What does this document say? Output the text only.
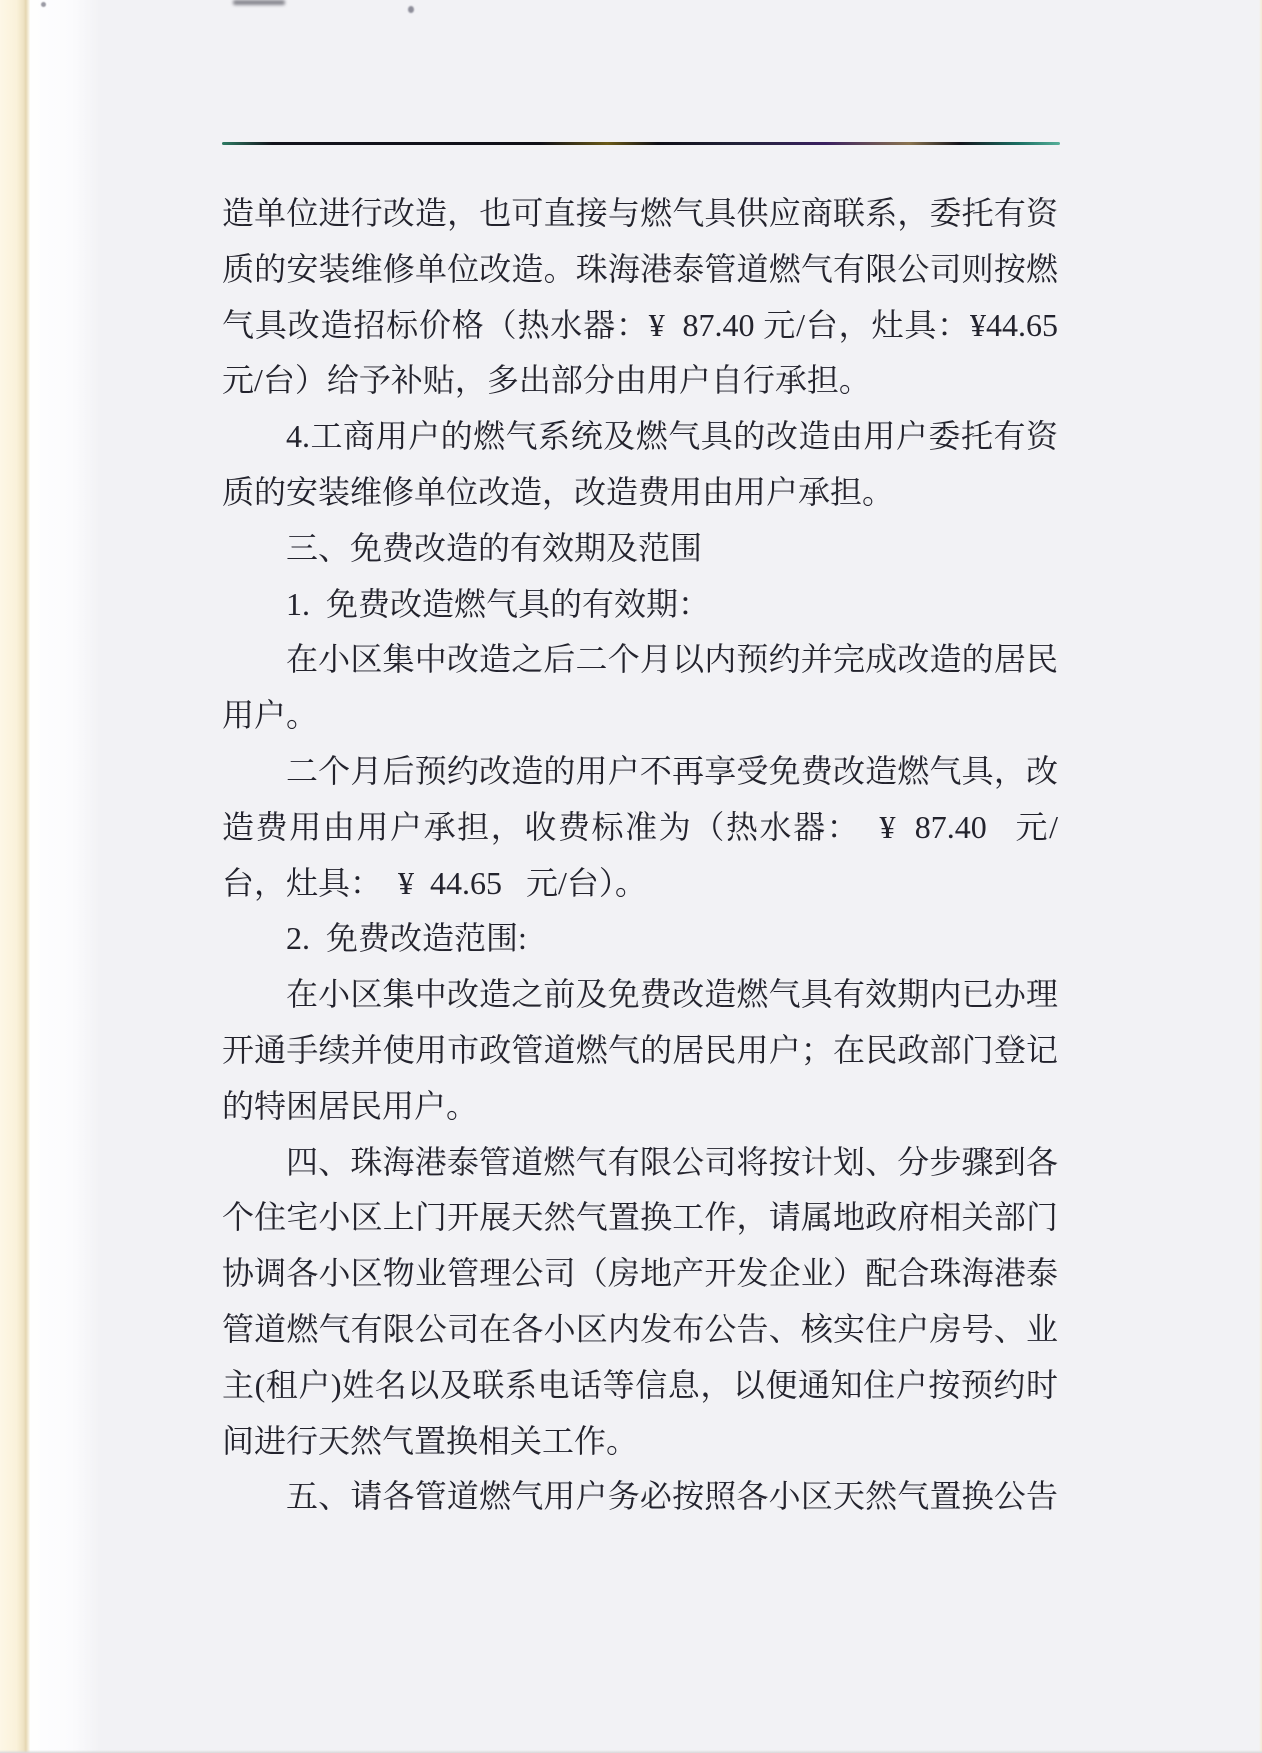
造单位进行改造，也可直接与燃气具供应商联系，委托有资
质的安装维修单位改造。珠海港泰管道燃气有限公司则按燃
气具改造招标价格（热水器：¥  87.40 元/台，灶具：¥44.65
元/台）给予补贴，多出部分由用户自行承担。
4.工商用户的燃气系统及燃气具的改造由用户委托有资
质的安装维修单位改造，改造费用由用户承担。
三、免费改造的有效期及范围
1.  免费改造燃气具的有效期：
在小区集中改造之后二个月以内预约并完成改造的居民
用户。
二个月后预约改造的用户不再享受免费改造燃气具，改
造费用由用户承担，收费标准为（热水器：  ¥  87.40   元/
台，灶具：  ¥  44.65   元/台）。
2.  免费改造范围:
在小区集中改造之前及免费改造燃气具有效期内已办理
开通手续并使用市政管道燃气的居民用户；在民政部门登记
的特困居民用户。
四、珠海港泰管道燃气有限公司将按计划、分步骤到各
个住宅小区上门开展天然气置换工作，请属地政府相关部门
协调各小区物业管理公司（房地产开发企业）配合珠海港泰
管道燃气有限公司在各小区内发布公告、核实住户房号、业
主(租户)姓名以及联系电话等信息，以便通知住户按预约时
间进行天然气置换相关工作。
五、请各管道燃气用户务必按照各小区天然气置换公告
